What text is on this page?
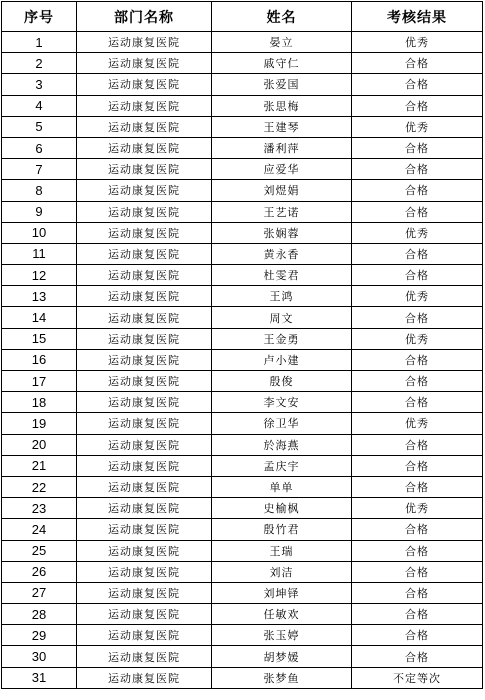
序号	部门名称	姓名	考核结果
1	运动康复医院	晏立	优秀
2	运动康复医院	戚守仁	合格
3	运动康复医院	张爱国	合格
4	运动康复医院	张思梅	合格
5	运动康复医院	王建琴	优秀
6	运动康复医院	潘利萍	合格
7	运动康复医院	应爱华	合格
8	运动康复医院	刘煜娟	合格
9	运动康复医院	王艺诺	合格
10	运动康复医院	张娴蓉	优秀
11	运动康复医院	黄永香	合格
12	运动康复医院	杜雯君	合格
13	运动康复医院	王鸿	优秀
14	运动康复医院	周文	合格
15	运动康复医院	王金勇	优秀
16	运动康复医院	卢小建	合格
17	运动康复医院	殷俊	合格
18	运动康复医院	李文安	合格
19	运动康复医院	徐卫华	优秀
20	运动康复医院	於海燕	合格
21	运动康复医院	孟庆宇	合格
22	运动康复医院	单单	合格
23	运动康复医院	史榆枫	优秀
24	运动康复医院	殷竹君	合格
25	运动康复医院	王瑞	合格
26	运动康复医院	刘洁	合格
27	运动康复医院	刘坤铎	合格
28	运动康复医院	任敏欢	合格
29	运动康复医院	张玉婷	合格
30	运动康复医院	胡梦媛	合格
31	运动康复医院	张梦鱼	不定等次
